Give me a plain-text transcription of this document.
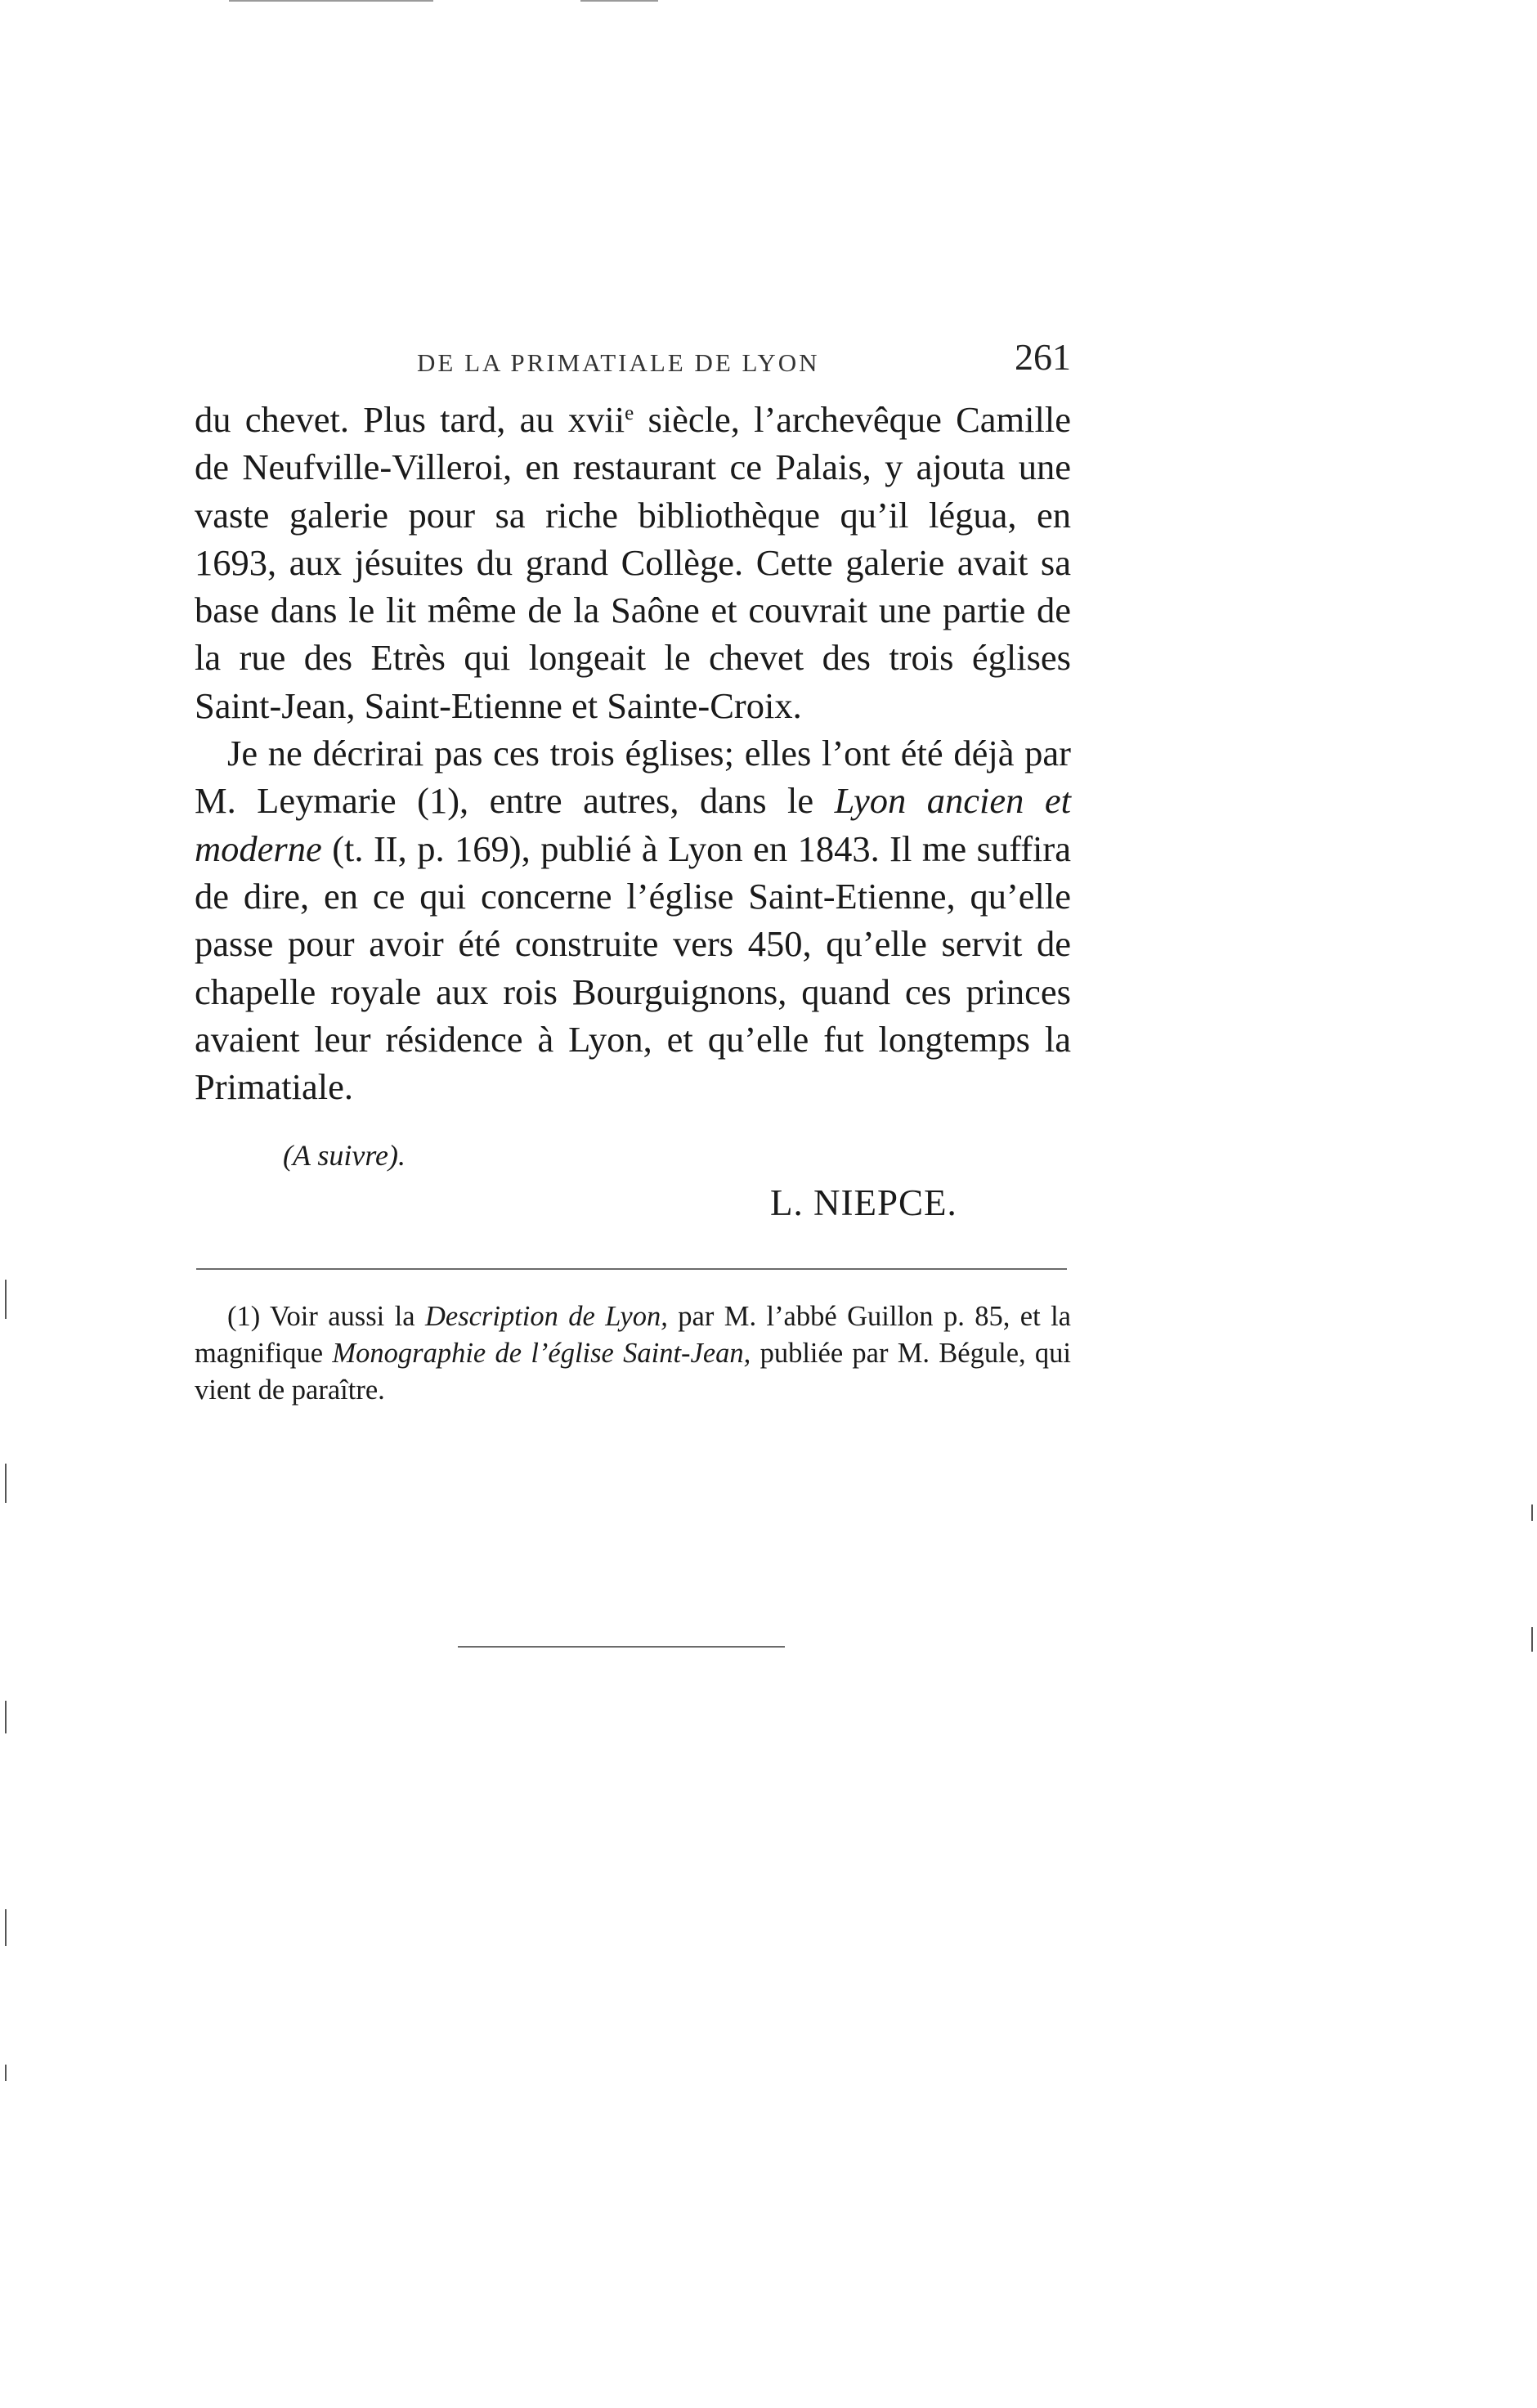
DE LA PRIMATIALE DE LYON	261

du chevet. Plus tard, au xvii$^e$ siècle, l’archevêque Camille de Neufville-Villeroi, en restaurant ce Palais, y ajouta une vaste galerie pour sa riche bibliothèque qu’il légua, en 1693, aux jésuites du grand Collège. Cette galerie avait sa base dans le lit même de la Saône et couvrait une partie de la rue des Etrès qui longeait le chevet des trois églises Saint-Jean, Saint-Etienne et Sainte-Croix.

Je ne décrirai pas ces trois églises; elles l’ont été déjà par M. Leymarie (1), entre autres, dans le Lyon ancien et moderne (t. II, p. 169), publié à Lyon en 1843. Il me suffira de dire, en ce qui concerne l’église Saint-Etienne, qu’elle passe pour avoir été construite vers 450, qu’elle servit de chapelle royale aux rois Bourguignons, quand ces princes avaient leur résidence à Lyon, et qu’elle fut longtemps la Primatiale.

(A suivre).
L. NIEPCE.

(1) Voir aussi la Description de Lyon, par M. l’abbé Guillon p. 85, et la magnifique Monographie de l’église Saint-Jean, publiée par M. Bégule, qui vient de paraître.
